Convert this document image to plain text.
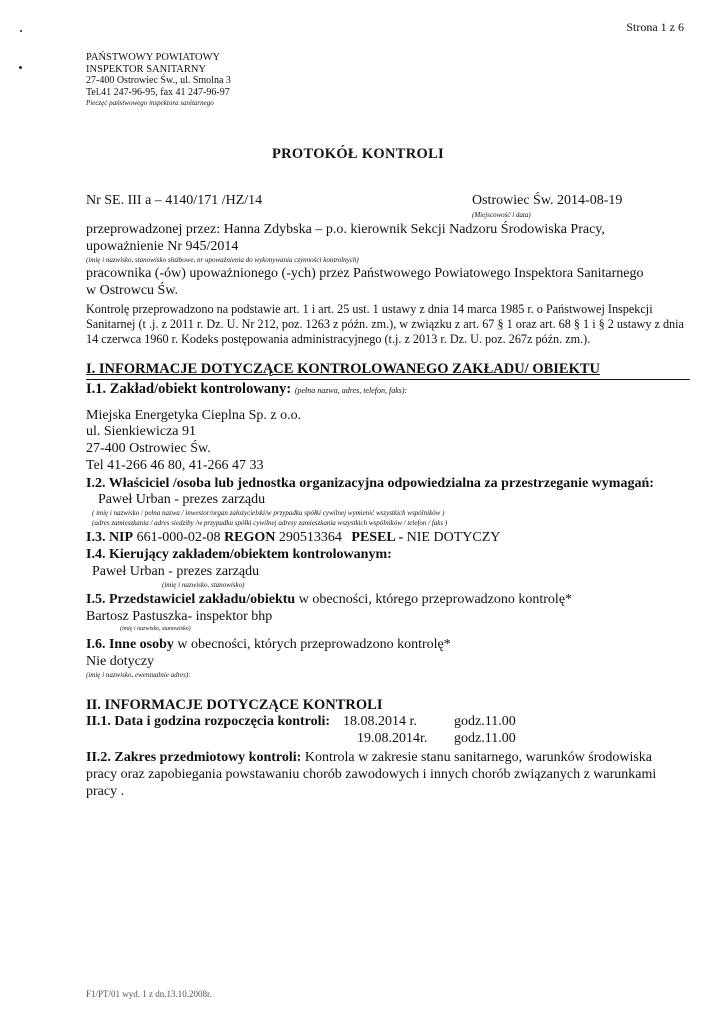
Strona 1 z 6
PAŃSTWOWY POWIATOWY
INSPEKTOR SANITARNY
27-400 Ostrowiec Św., ul. Smolna 3
Tel.41 247-96-95, fax 41 247-96-97
Pieczęć państwowego inspektora sanitarnego
PROTOKÓŁ KONTROLI
Nr SE. III a – 4140/171 /HZ/14	Ostrowiec Św. 2014-08-19
(Miejscowość i data)
przeprowadzonej przez: Hanna Zdybska – p.o. kierownik Sekcji Nadzoru Środowiska Pracy,
upoważnienie Nr 945/2014
(imię i nazwisko, stanowisko służbowe, nr upoważnienia do wykonywania czynności kontrolnych)
pracownika (-ów) upoważnionego (-ych) przez Państwowego Powiatowego Inspektora Sanitarnego
w Ostrowcu Św.
Kontrolę przeprowadzono na podstawie art. 1 i art. 25 ust. 1 ustawy z dnia 14 marca 1985 r. o Państwowej Inspekcji
Sanitarnej (t .j. z 2011 r. Dz. U. Nr 212, poz. 1263 z późn. zm.), w związku z art. 67 § 1 oraz art. 68 § 1 i § 2 ustawy z dnia
14 czerwca 1960 r. Kodeks postępowania administracyjnego (t.j. z 2013 r. Dz. U. poz. 267z późn. zm.).
I. INFORMACJE DOTYCZĄCE KONTROLOWANEGO ZAKŁADU/ OBIEKTU
I.1. Zakład/obiekt kontrolowany: (pełna nazwa, adres, telefon, faks):
Miejska Energetyka Cieplna Sp. z o.o.
ul. Sienkiewicza 91
27-400 Ostrowiec Św.
Tel 41-266 46 80, 41-266 47 33
I.2. Właściciel /osoba lub jednostka organizacyjna odpowiedzialna za przestrzeganie wymagań:
Paweł Urban - prezes zarządu
( imię i nazwisko / pełna nazwa / inwestor/organ założycielski/w przypadku spółki cywilnej wymienić wszystkich wspólników )
(adres zamieszkania / adres siedziby /w przypadku spółki cywilnej adresy zamieszkania wszystkich wspólników / telefon / faks )
I.3. NIP 661-000-02-08 REGON 290513364 PESEL - NIE DOTYCZY
I.4. Kierujący zakładem/obiektem kontrolowanym:
Paweł Urban - prezes zarządu
(imię i nazwisko, stanowisko)
I.5. Przedstawiciel zakładu/obiektu w obecności, którego przeprowadzono kontrolę*
Bartosz Pastuszka- inspektor bhp
(imię i nazwisko, stanowisko)
I.6. Inne osoby w obecności, których przeprowadzono kontrolę*
Nie dotyczy
(imię i nazwisko, ewentualnie adres):
II. INFORMACJE DOTYCZĄCE KONTROLI
II.1. Data i godzina rozpoczęcia kontroli: 18.08.2014 r.	godz.11.00
19.08.2014r. godz.11.00
II.2. Zakres przedmiotowy kontroli: Kontrola w zakresie stanu sanitarnego, warunków środowiska
pracy oraz zapobiegania powstawaniu chorób zawodowych i innych chorób związanych z warunkami
pracy .
F1/PT/01 wyd. 1 z dn.13.10.2008r.
